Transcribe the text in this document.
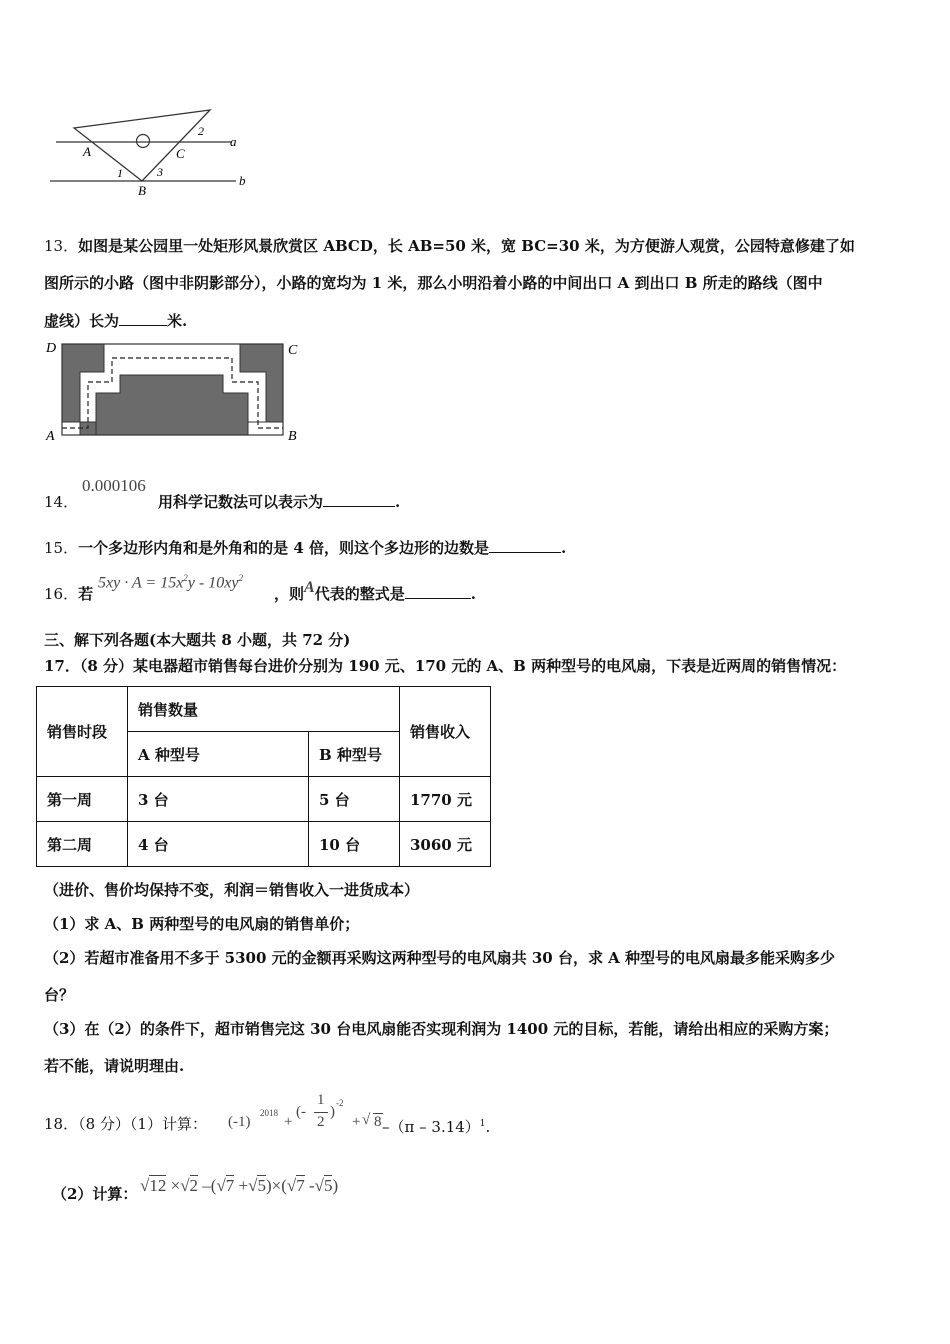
A
B
C
a
b
1
2
3
13．如图是某公园里一处矩形风景欣赏区 ABCD，长 AB=50 米，宽 BC=30 米，为方便游人观赏，公园特意修建了如
图所示的小路（图中非阴影部分），小路的宽均为 1 米，那么小明沿着小路的中间出口 A 到出口 B 所走的路线（图中
虚线）长为	米.
D	C
A	B
14．
0.000106
用科学记数法可以表示为	.
15．一个多边形内角和是外角和的是 4 倍，则这个多边形的边数是	.
16．若
$5xy \cdot A = 15x^2y - 10xy^2$
，则A代表的整式是	.
三、解下列各题(本大题共 8 小题，共 72 分)
17．（8 分）某电器超市销售每台进价分别为 190 元、170 元的 A、B 两种型号的电风扇，下表是近两周的销售情况：
销售时段	销售数量		销售收入
	A 种型号	B 种型号	
第一周	3 台	5 台	1770 元
第二周	4 台	10 台	3060 元
（进价、售价均保持不变，利润＝销售收入一进货成本）
（1）求 A、B 两种型号的电风扇的销售单价；
（2）若超市准备用不多于 5300 元的金额再采购这两种型号的电风扇共 30 台，求 A 种型号的电风扇最多能采购多少
台？
（3）在（2）的条件下，超市销售完这 30 台电风扇能否实现利润为 1400 元的目标，若能，请给出相应的采购方案；
若不能，请说明理由.
18．（8 分）（1）计算： (-1)
2018
+
(-
1
2
)
-2
+ √ 8 –（π – 3.14）$^1$.
（2）计算： √12 ×√2 –(√7 +√5)×(√7 -√5)
